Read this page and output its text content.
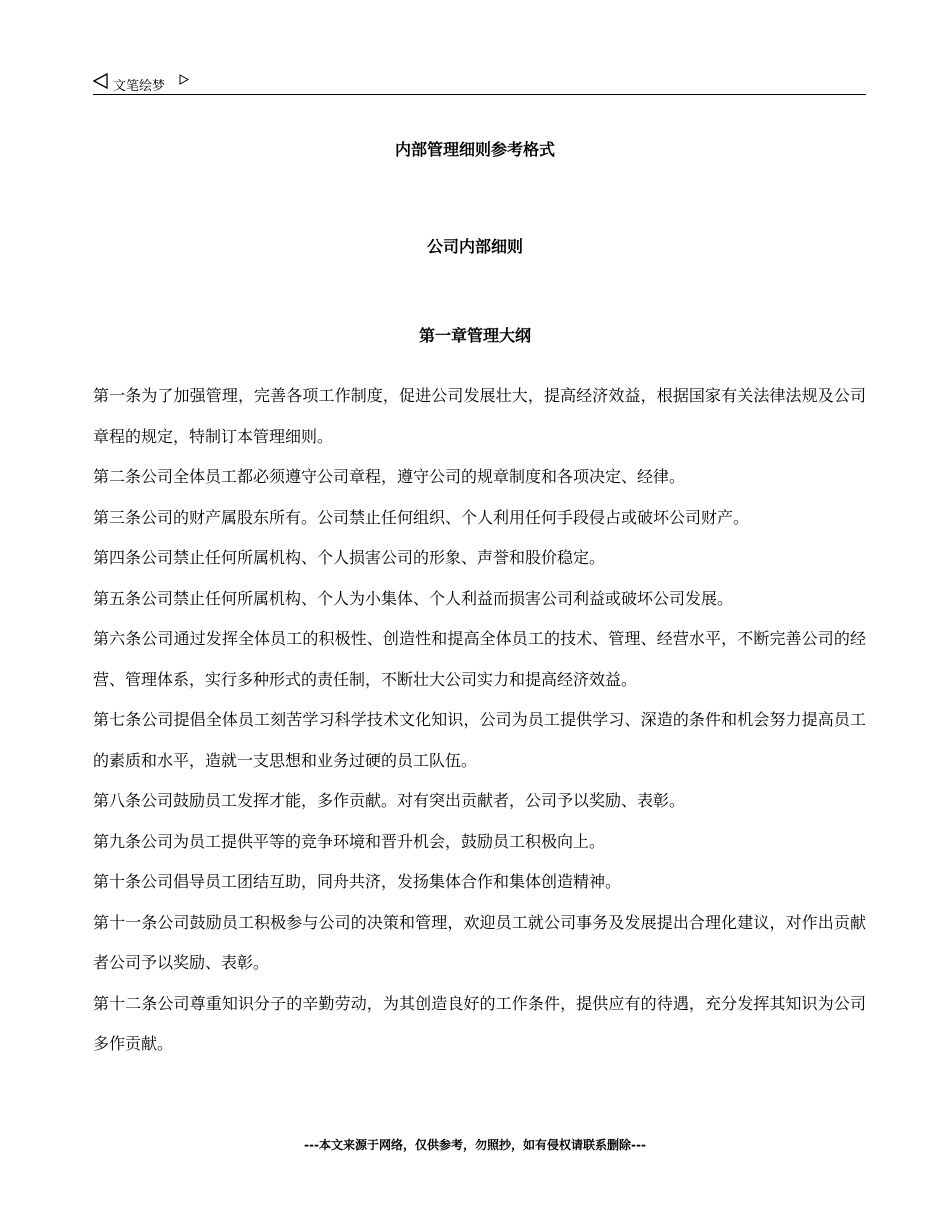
文笔绘梦
内部管理细则参考格式
公司内部细则
第一章管理大纲

第一条为了加强管理，完善各项工作制度，促进公司发展壮大，提高经济效益，根据国家有关法律法规及公司章程的规定，特制订本管理细则。

第二条公司全体员工都必须遵守公司章程，遵守公司的规章制度和各项决定、经律。

第三条公司的财产属股东所有。公司禁止任何组织、个人利用任何手段侵占或破坏公司财产。

第四条公司禁止任何所属机构、个人损害公司的形象、声誉和股价稳定。

第五条公司禁止任何所属机构、个人为小集体、个人利益而损害公司利益或破坏公司发展。

第六条公司通过发挥全体员工的积极性、创造性和提高全体员工的技术、管理、经营水平，不断完善公司的经营、管理体系，实行多种形式的责任制，不断壮大公司实力和提高经济效益。

第七条公司提倡全体员工刻苦学习科学技术文化知识，公司为员工提供学习、深造的条件和机会努力提高员工的素质和水平，造就一支思想和业务过硬的员工队伍。

第八条公司鼓励员工发挥才能，多作贡献。对有突出贡献者，公司予以奖励、表彰。

第九条公司为员工提供平等的竞争环境和晋升机会，鼓励员工积极向上。

第十条公司倡导员工团结互助，同舟共济，发扬集体合作和集体创造精神。

第十一条公司鼓励员工积极参与公司的决策和管理，欢迎员工就公司事务及发展提出合理化建议，对作出贡献者公司予以奖励、表彰。

第十二条公司尊重知识分子的辛勤劳动，为其创造良好的工作条件，提供应有的待遇，充分发挥其知识为公司多作贡献。

---本文来源于网络，仅供参考，勿照抄，如有侵权请联系删除---
